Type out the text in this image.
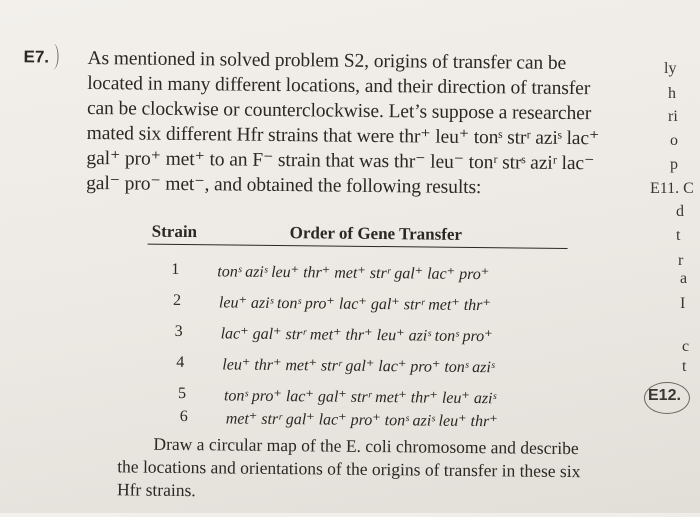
E7. As mentioned in solved problem S2, origins of transfer can be
located in many different locations, and their direction of transfer
can be clockwise or counterclockwise. Let’s suppose a researcher
mated six different Hfr strains that were thr⁺ leu⁺ tonˢ strʳ aziˢ lac⁺
gal⁺ pro⁺ met⁺ to an F⁻ strain that was thr⁻ leu⁻ tonʳ strˢ aziʳ lac⁻
gal⁻ pro⁻ met⁻, and obtained the following results:
Strain	Order of Gene Transfer
1	tonˢ aziˢ leu⁺ thr⁺ met⁺ strʳ gal⁺ lac⁺ pro⁺
2	leu⁺ aziˢ tonˢ pro⁺ lac⁺ gal⁺ strʳ met⁺ thr⁺
3	lac⁺ gal⁺ strʳ met⁺ thr⁺ leu⁺ aziˢ tonˢ pro⁺
4	leu⁺ thr⁺ met⁺ strʳ gal⁺ lac⁺ pro⁺ tonˢ aziˢ
5	tonˢ pro⁺ lac⁺ gal⁺ strʳ met⁺ thr⁺ leu⁺ aziˢ
6	met⁺ strʳ gal⁺ lac⁺ pro⁺ tonˢ aziˢ leu⁺ thr⁺
Draw a circular map of the E. coli chromosome and describe
the locations and orientations of the origins of transfer in these six
Hfr strains.
ly
h
ri
o
p
E11. C
d
t
r
a
I
c
t
E12.
